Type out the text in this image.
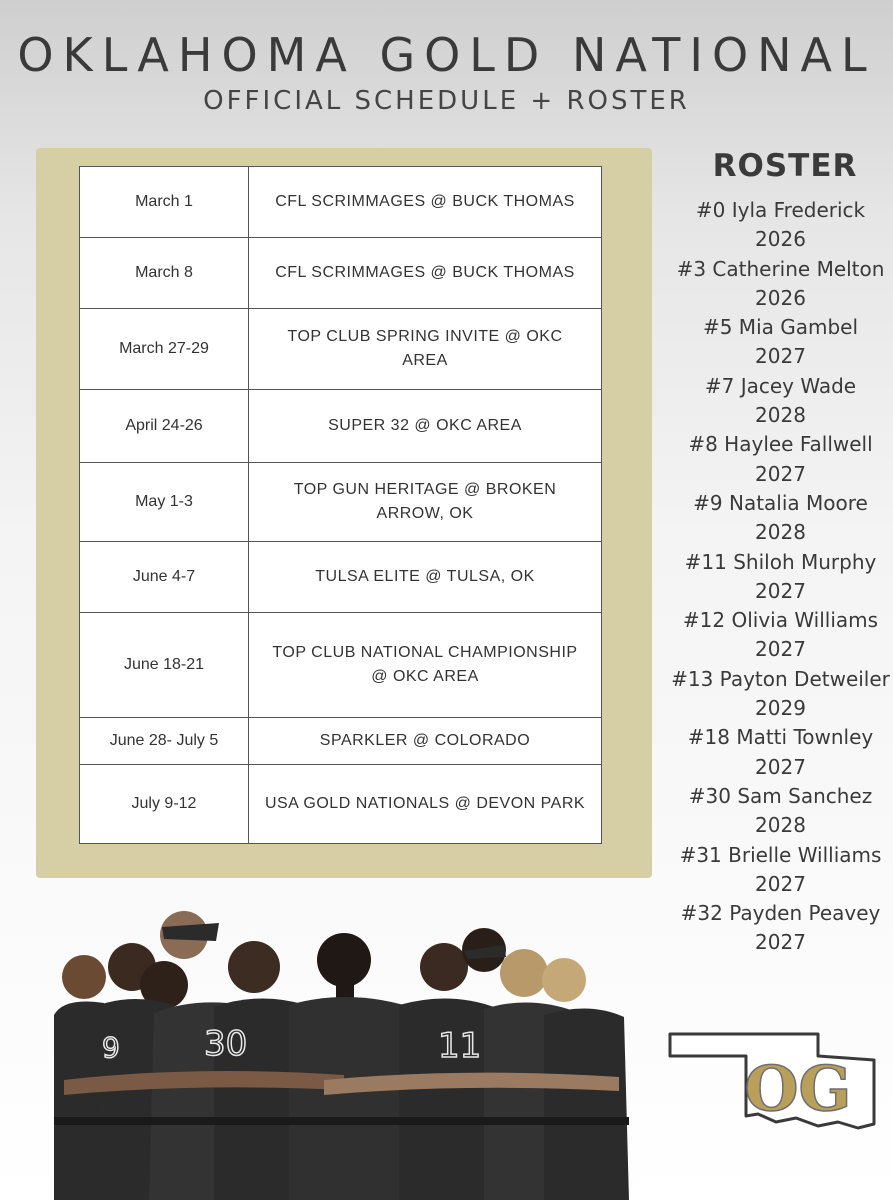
OKLAHOMA GOLD NATIONAL
OFFICIAL SCHEDULE + ROSTER
March 1	CFL SCRIMMAGES @ BUCK THOMAS
March 8	CFL SCRIMMAGES @ BUCK THOMAS
March 27-29	TOP CLUB SPRING INVITE @ OKC AREA
April 24-26	SUPER 32 @ OKC AREA
May 1-3	TOP GUN HERITAGE @ BROKEN ARROW, OK
June 4-7	TULSA ELITE @ TULSA, OK
June 18-21	TOP CLUB NATIONAL CHAMPIONSHIP @ OKC AREA
June 28- July 5	SPARKLER @ COLORADO
July 9-12	USA GOLD NATIONALS @ DEVON PARK
ROSTER
#0 Iyla Frederick
2026
#3 Catherine Melton
2026
#5 Mia Gambel
2027
#7 Jacey Wade
2028
#8 Haylee Fallwell
2027
#9 Natalia Moore
2028
#11 Shiloh Murphy
2027
#12 Olivia Williams
2027
#13 Payton Detweiler
2029
#18 Matti Townley
2027
#30 Sam Sanchez
2028
#31 Brielle Williams
2027
#32 Payden Peavey
2027
30	11
9
OG
